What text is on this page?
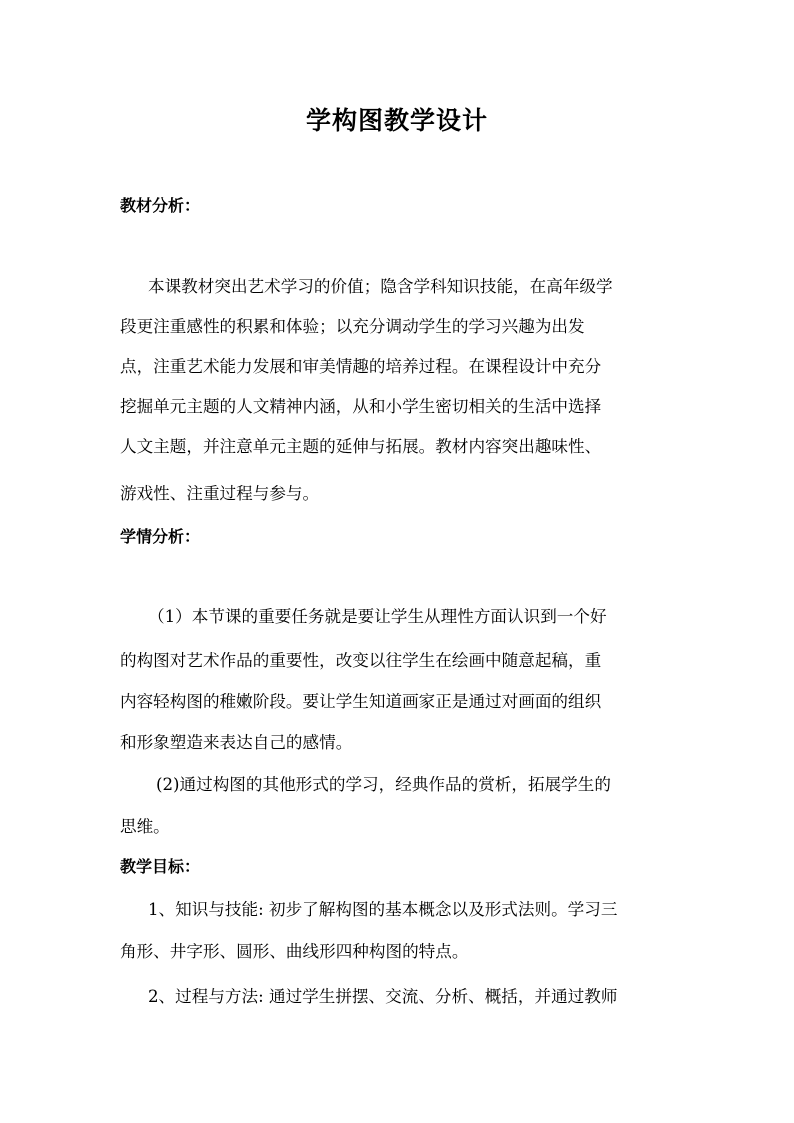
学构图教学设计
教材分析：
本课教材突出艺术学习的价值；隐含学科知识技能，在高年级学
段更注重感性的积累和体验；以充分调动学生的学习兴趣为出发
点，注重艺术能力发展和审美情趣的培养过程。在课程设计中充分
挖掘单元主题的人文精神内涵，从和小学生密切相关的生活中选择
人文主题，并注意单元主题的延伸与拓展。教材内容突出趣味性、
游戏性、注重过程与参与。
学情分析：
（1）本节课的重要任务就是要让学生从理性方面认识到一个好
的构图对艺术作品的重要性，改变以往学生在绘画中随意起稿，重
内容轻构图的稚嫩阶段。要让学生知道画家正是通过对画面的组织
和形象塑造来表达自己的感情。
(2)通过构图的其他形式的学习，经典作品的赏析，拓展学生的
思维。
教学目标：
1、知识与技能: 初步了解构图的基本概念以及形式法则。学习三
角形、井字形、圆形、曲线形四种构图的特点。
2、过程与方法: 通过学生拼摆、交流、分析、概括，并通过教师
